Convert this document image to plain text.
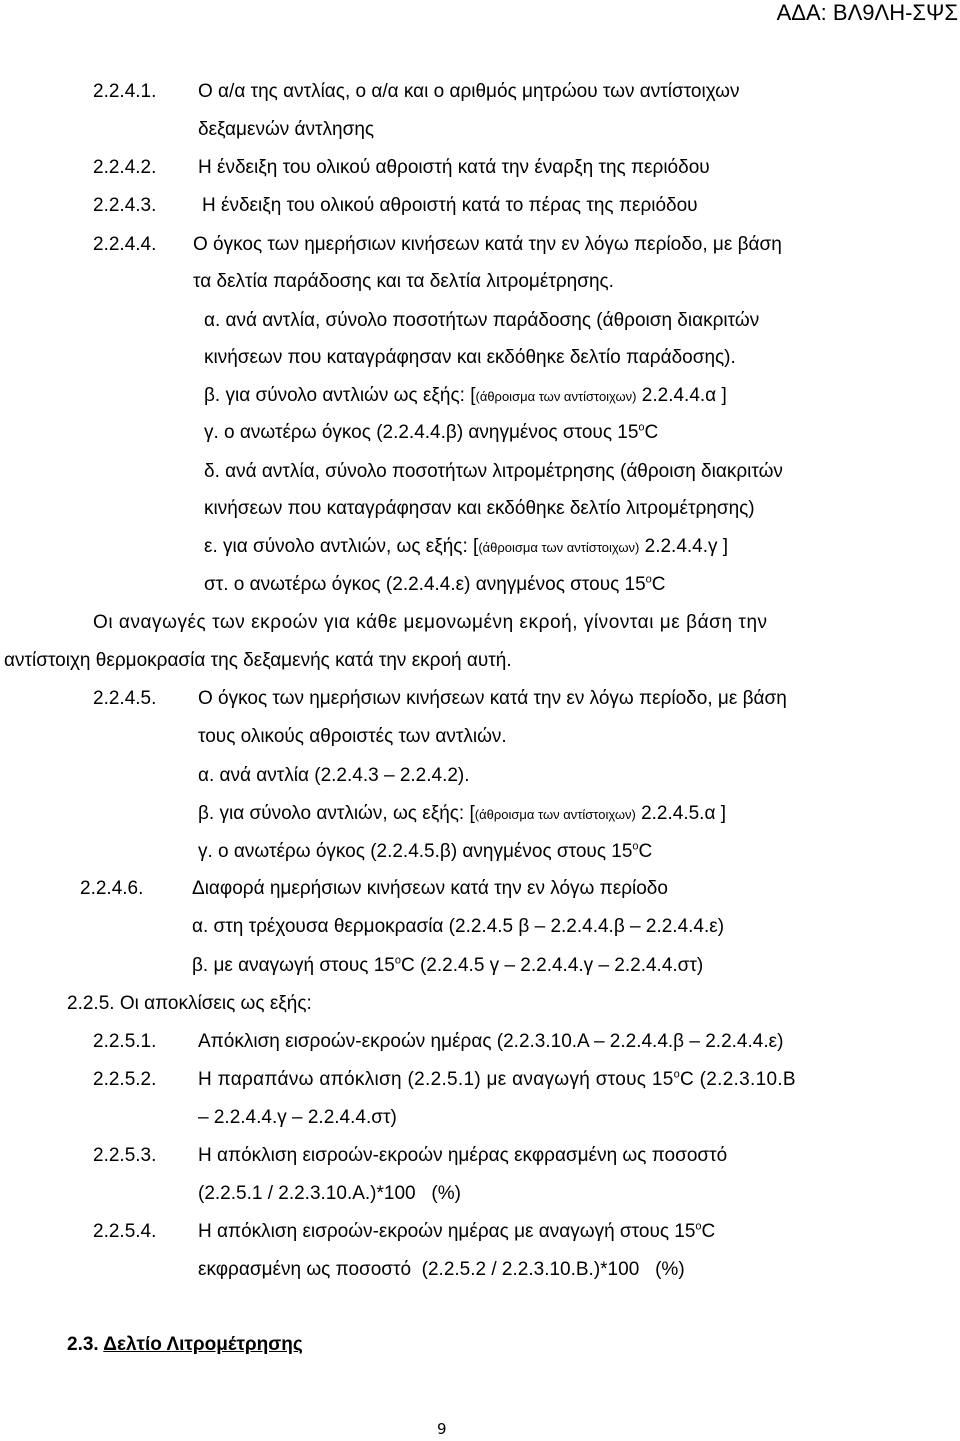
ΑΔΑ: ΒΛ9ΛΗ-ΣΨΣ
2.2.4.1. Ο α/α της αντλίας, ο α/α και ο αριθμός μητρώου των αντίστοιχων
δεξαμενών άντλησης
2.2.4.2. Η ένδειξη του ολικού αθροιστή κατά την έναρξη της περιόδου
2.2.4.3. Η ένδειξη του ολικού αθροιστή κατά το πέρας της περιόδου
2.2.4.4. Ο όγκος των ημερήσιων κινήσεων κατά την εν λόγω περίοδο, με βάση
τα δελτία παράδοσης και τα δελτία λιτρομέτρησης.
α. ανά αντλία, σύνολο ποσοτήτων παράδοσης (άθροιση διακριτών
κινήσεων που καταγράφησαν και εκδόθηκε δελτίο παράδοσης).
β. για σύνολο αντλιών ως εξής: [(άθροισμα των αντίστοιχων) 2.2.4.4.α ]
γ. ο ανωτέρω όγκος (2.2.4.4.β) ανηγμένος στους $15^oC$
δ. ανά αντλία, σύνολο ποσοτήτων λιτρομέτρησης (άθροιση διακριτών
κινήσεων που καταγράφησαν και εκδόθηκε δελτίο λιτρομέτρησης)
ε. για σύνολο αντλιών, ως εξής: [(άθροισμα των αντίστοιχων) 2.2.4.4.γ ]
στ. ο ανωτέρω όγκος (2.2.4.4.ε) ανηγμένος στους $15^oC$
Οι αναγωγές των εκροών για κάθε μεμονωμένη εκροή, γίνονται με βάση την
αντίστοιχη θερμοκρασία της δεξαμενής κατά την εκροή αυτή.
2.2.4.5. Ο όγκος των ημερήσιων κινήσεων κατά την εν λόγω περίοδο, με βάση
τους ολικούς αθροιστές των αντλιών.
α. ανά αντλία (2.2.4.3 – 2.2.4.2).
β. για σύνολο αντλιών, ως εξής: [(άθροισμα των αντίστοιχων) 2.2.4.5.α ]
γ. ο ανωτέρω όγκος (2.2.4.5.β) ανηγμένος στους $15^oC$
2.2.4.6.	Διαφορά ημερήσιων κινήσεων κατά την εν λόγω περίοδο
α. στη τρέχουσα θερμοκρασία (2.2.4.5 β – 2.2.4.4.β – 2.2.4.4.ε)
β. με αναγωγή στους $15^oC$ (2.2.4.5 γ – 2.2.4.4.γ – 2.2.4.4.στ)
2.2.5. Οι αποκλίσεις ως εξής:
2.2.5.1. Απόκλιση εισροών-εκροών ημέρας (2.2.3.10.Α – 2.2.4.4.β – 2.2.4.4.ε)
2.2.5.2. Η παραπάνω απόκλιση (2.2.5.1) με αναγωγή στους $15^oC$ (2.2.3.10.Β
– 2.2.4.4.γ – 2.2.4.4.στ)
2.2.5.3. Η απόκλιση εισροών-εκροών ημέρας εκφρασμένη ως ποσοστό
(2.2.5.1 / 2.2.3.10.Α.)*100   (%)
2.2.5.4. Η απόκλιση εισροών-εκροών ημέρας με αναγωγή στους $15^oC$
εκφρασμένη ως ποσοστό  (2.2.5.2 / 2.2.3.10.Β.)*100   (%)
2.3. Δελτίο Λιτρομέτρησης
9
